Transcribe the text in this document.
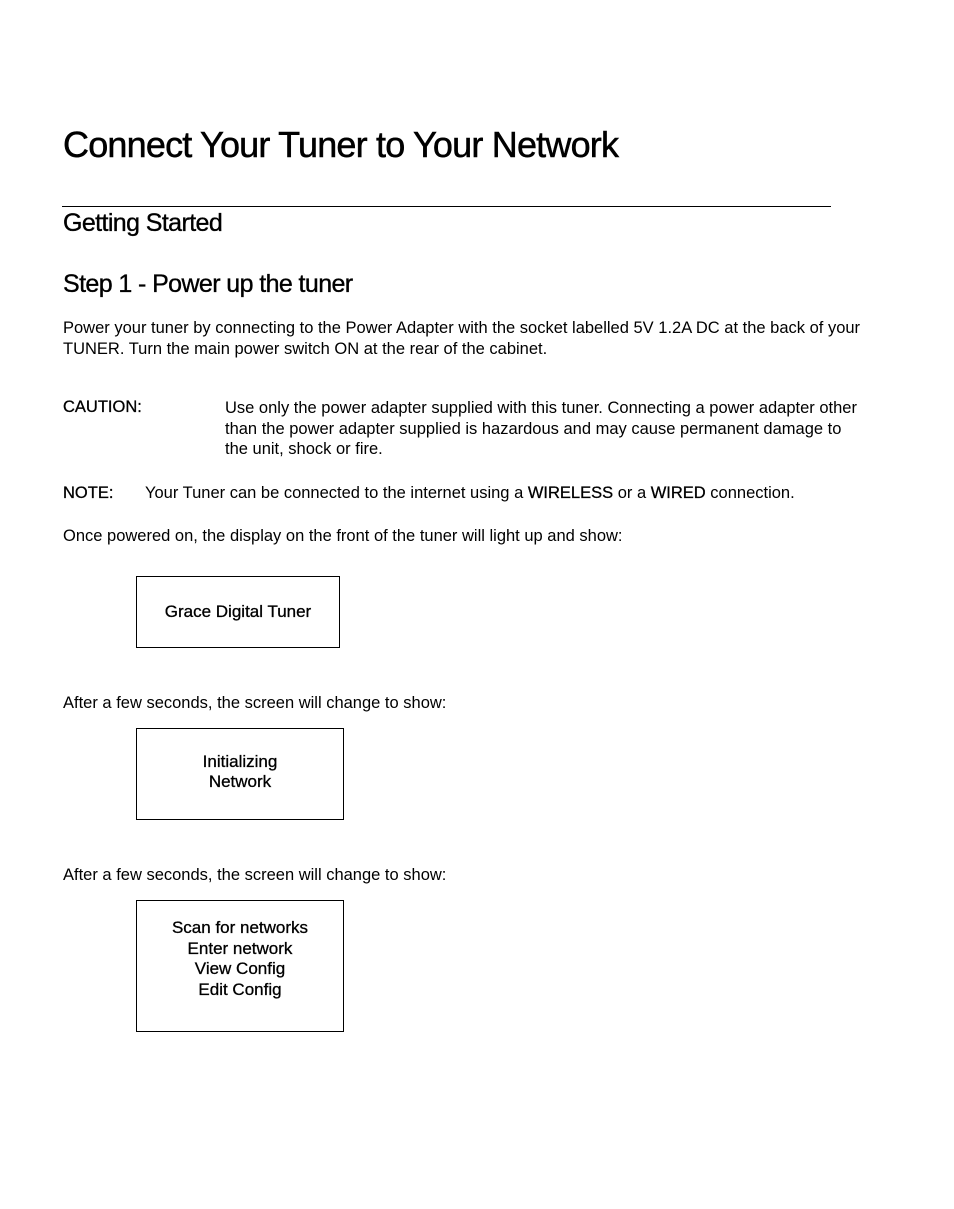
Connect Your Tuner to Your Network
Getting Started
Step 1 - Power up the tuner
Power your tuner by connecting to the Power Adapter with the socket labelled 5V 1.2A DC at the back of your TUNER. Turn the main power switch ON at the rear of the cabinet.
CAUTION:	Use only the power adapter supplied with this tuner. Connecting a power adapter other than the power adapter supplied is hazardous and may cause permanent damage to the unit, shock or fire.
NOTE: Your Tuner can be connected to the internet using a WIRELESS or a WIRED connection.
Once powered on, the display on the front of the tuner will light up and show:
Grace Digital Tuner
After a few seconds, the screen will change to show:
Initializing
Network
After a few seconds, the screen will change to show:
Scan for networks
Enter network
View Config
Edit Config
